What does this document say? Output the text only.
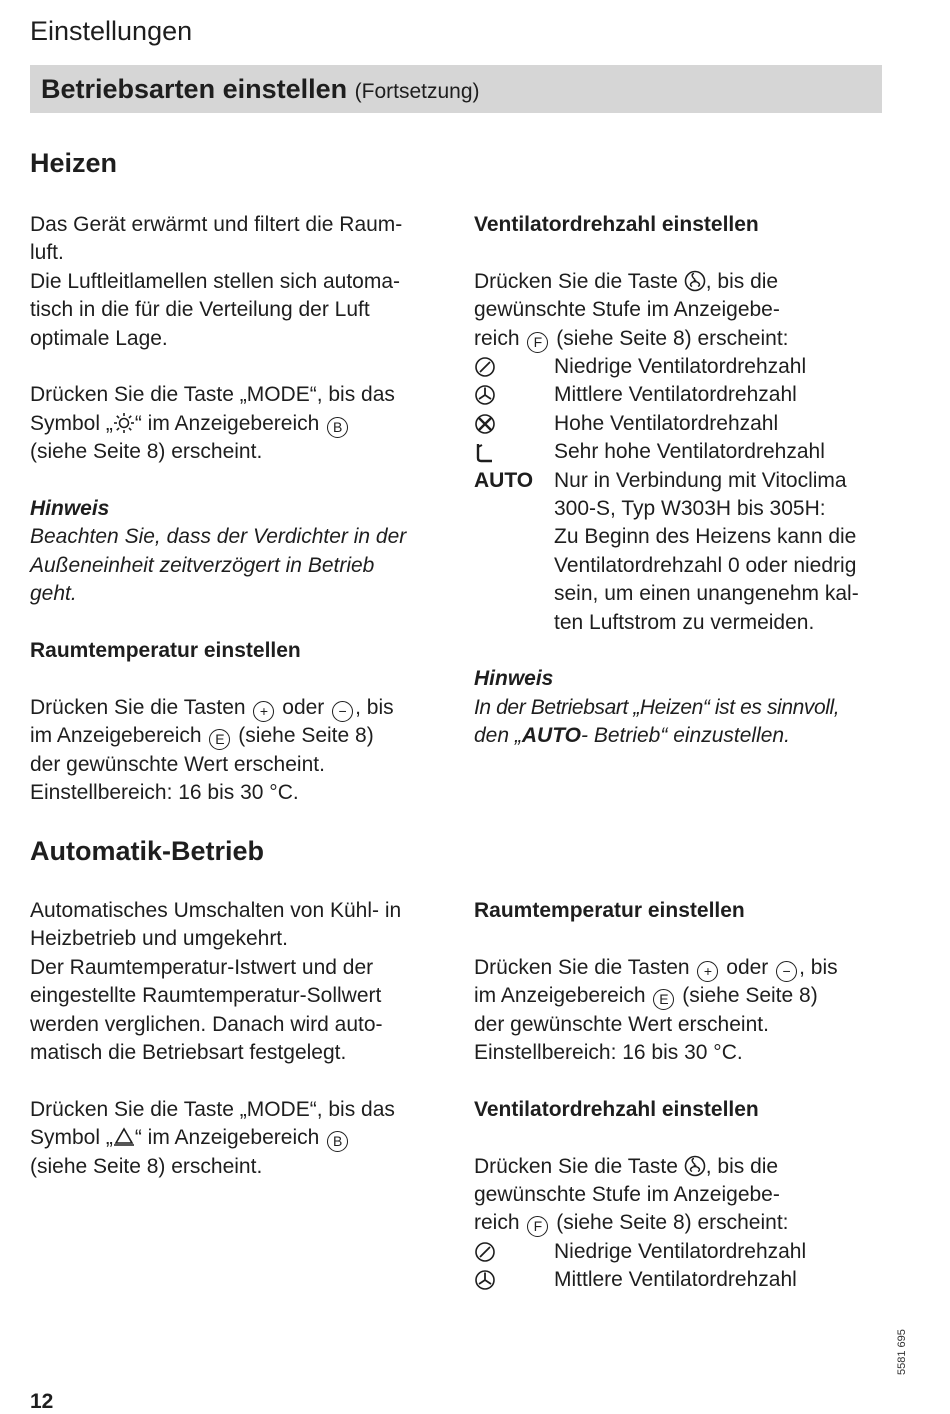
Einstellungen
Betriebsarten einstellen (Fortsetzung)
Heizen

Das Gerät erwärmt und filtert die Raum-

luft.

Die Luftleitlamellen stellen sich automa-

tisch in die für die Verteilung der Luft

optimale Lage.

Drücken Sie die Taste „MODE“, bis das

Symbol „ “ im Anzeigebereich B

(siehe Seite 8) erscheint.

Hinweis

Beachten Sie, dass der Verdichter in der

Außeneinheit zeitverzögert in Betrieb

geht.

Raumtemperatur einstellen

Drücken Sie die Tasten + oder − , bis

im Anzeigebereich E (siehe Seite 8)

der gewünschte Wert erscheint.

Einstellbereich: 16 bis 30 °C.

Ventilatordrehzahl einstellen

Drücken Sie die Taste , bis die

gewünschte Stufe im Anzeigebe-

reich F (siehe Seite 8) erscheint:

Niedrige Ventilatordrehzahl
Mittlere Ventilatordrehzahl
Hohe Ventilatordrehzahl
Sehr hohe Ventilatordrehzahl
AUTO Nur in Verbindung mit Vitoclima

300-S, Typ W303H bis 305H:

Zu Beginn des Heizens kann die

Ventilatordrehzahl 0 oder niedrig

sein, um einen unangenehm kal-

ten Luftstrom zu vermeiden.

Hinweis

In der Betriebsart „Heizen“ ist es sinnvoll,

den „AUTO- Betrieb“ einzustellen.

Automatik-Betrieb

Automatisches Umschalten von Kühl- in

Heizbetrieb und umgekehrt.

Der Raumtemperatur-Istwert und der

eingestellte Raumtemperatur-Sollwert

werden verglichen. Danach wird auto-

matisch die Betriebsart festgelegt.

Drücken Sie die Taste „MODE“, bis das

Symbol „ “ im Anzeigebereich B

(siehe Seite 8) erscheint.

Raumtemperatur einstellen

Drücken Sie die Tasten + oder − , bis

im Anzeigebereich E (siehe Seite 8)

der gewünschte Wert erscheint.

Einstellbereich: 16 bis 30 °C.

Ventilatordrehzahl einstellen

Drücken Sie die Taste , bis die

gewünschte Stufe im Anzeigebe-

reich F (siehe Seite 8) erscheint:

Niedrige Ventilatordrehzahl
Mittlere Ventilatordrehzahl
12
5581 695
